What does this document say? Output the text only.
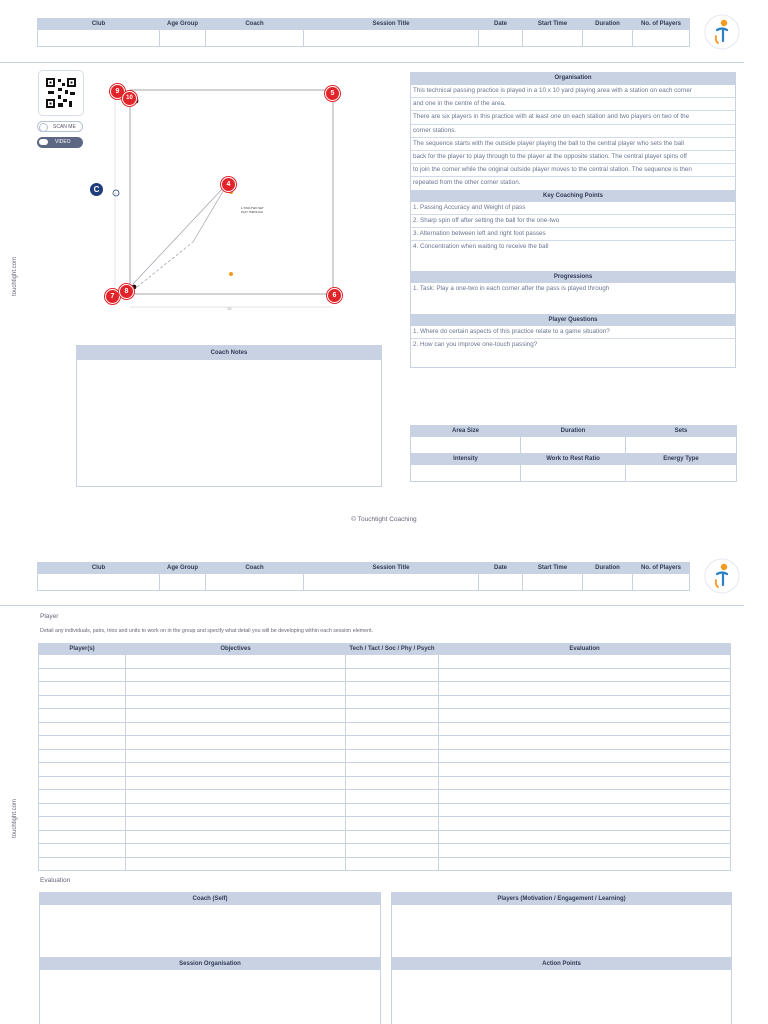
Club	Age Group	Coach	Session Title	Date	Start Time	Duration	No. of Players

touchtight.com
SCAN ME
VIDEO
1-TWO-TWO SET
PLAY THROUGH
10
10
9
10
5
4
7
8
6
C
Organisation
This technical passing practice is played in a 10 x 10 yard playing area with a station on each corner
and one in the centre of the area.
There are six players in this practice with at least one on each station and two players on two of the
corner stations.
The sequence starts with the outside player playing the ball to the central player who sets the ball
back for the player to play through to the player at the opposite station. The central player spins off
to join the corner while the original outside player moves to the central station. The sequence is then
repeated from the other corner station.
Key Coaching Points
1. Passing Accuracy and Weight of pass
2. Sharp spin off after setting the ball for the one-two
3. Alternation between left and right foot passes
4. Concentration when waiting to receive the ball
Progressions
1. Task: Play a one-two in each corner after the pass is played through
Player Questions
1. Where do certain aspects of this practice relate to a game situation?
2. How can you improve one-touch passing?
Coach Notes
Area Size	Duration	Sets

Intensity	Work to Rest Ratio	Energy Type

© Touchtight Coaching
Club	Age Group	Coach	Session Title	Date	Start Time	Duration	No. of Players

touchtight.com
Player
Detail any individuals, pairs, trios and units to work on in the group and specify what detail you will be developing within each session element.
Player(s)	Objectives	Tech / Tact / Soc / Phy / Psych	Evaluation

Evaluation
Coach (Self)	Players (Motivation / Engagement / Learning)
Session Organisation	Action Points
